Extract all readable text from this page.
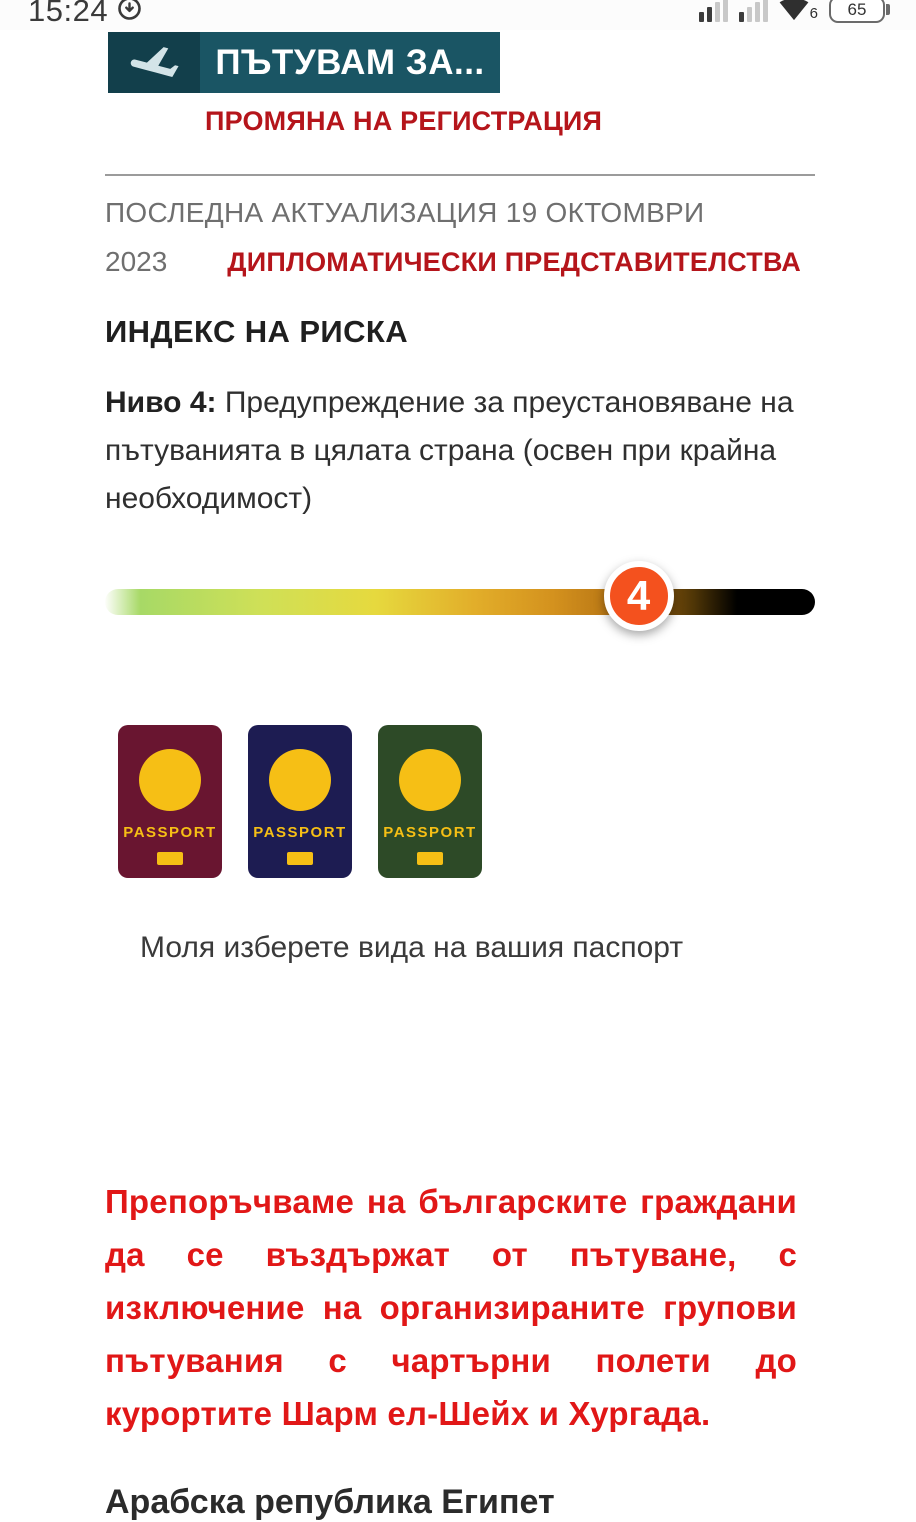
15:24	6	65
ПЪТУВАМ ЗА...
ПРОМЯНА НА РЕГИСТРАЦИЯ
ПОСЛЕДНА АКТУАЛИЗАЦИЯ 19 ОКТОМВРИ
2023 ДИПЛОМАТИЧЕСКИ ПРЕДСТАВИТЕЛСТВА
ИНДЕКС НА РИСКА

Ниво 4: Предупреждение за преустановяване на пътуванията в цялата страна (освен при крайна необходимост)

4
PASSPORT	PASSPORT	PASSPORT
Моля изберете вида на вашия паспорт

Препоръчваме на българските граждани да се въздържат от пътуване, с изключение на организираните групови пътувания с чартърни полети до курортите Шарм ел-Шейх и Хургада.

Арабска република Египет
